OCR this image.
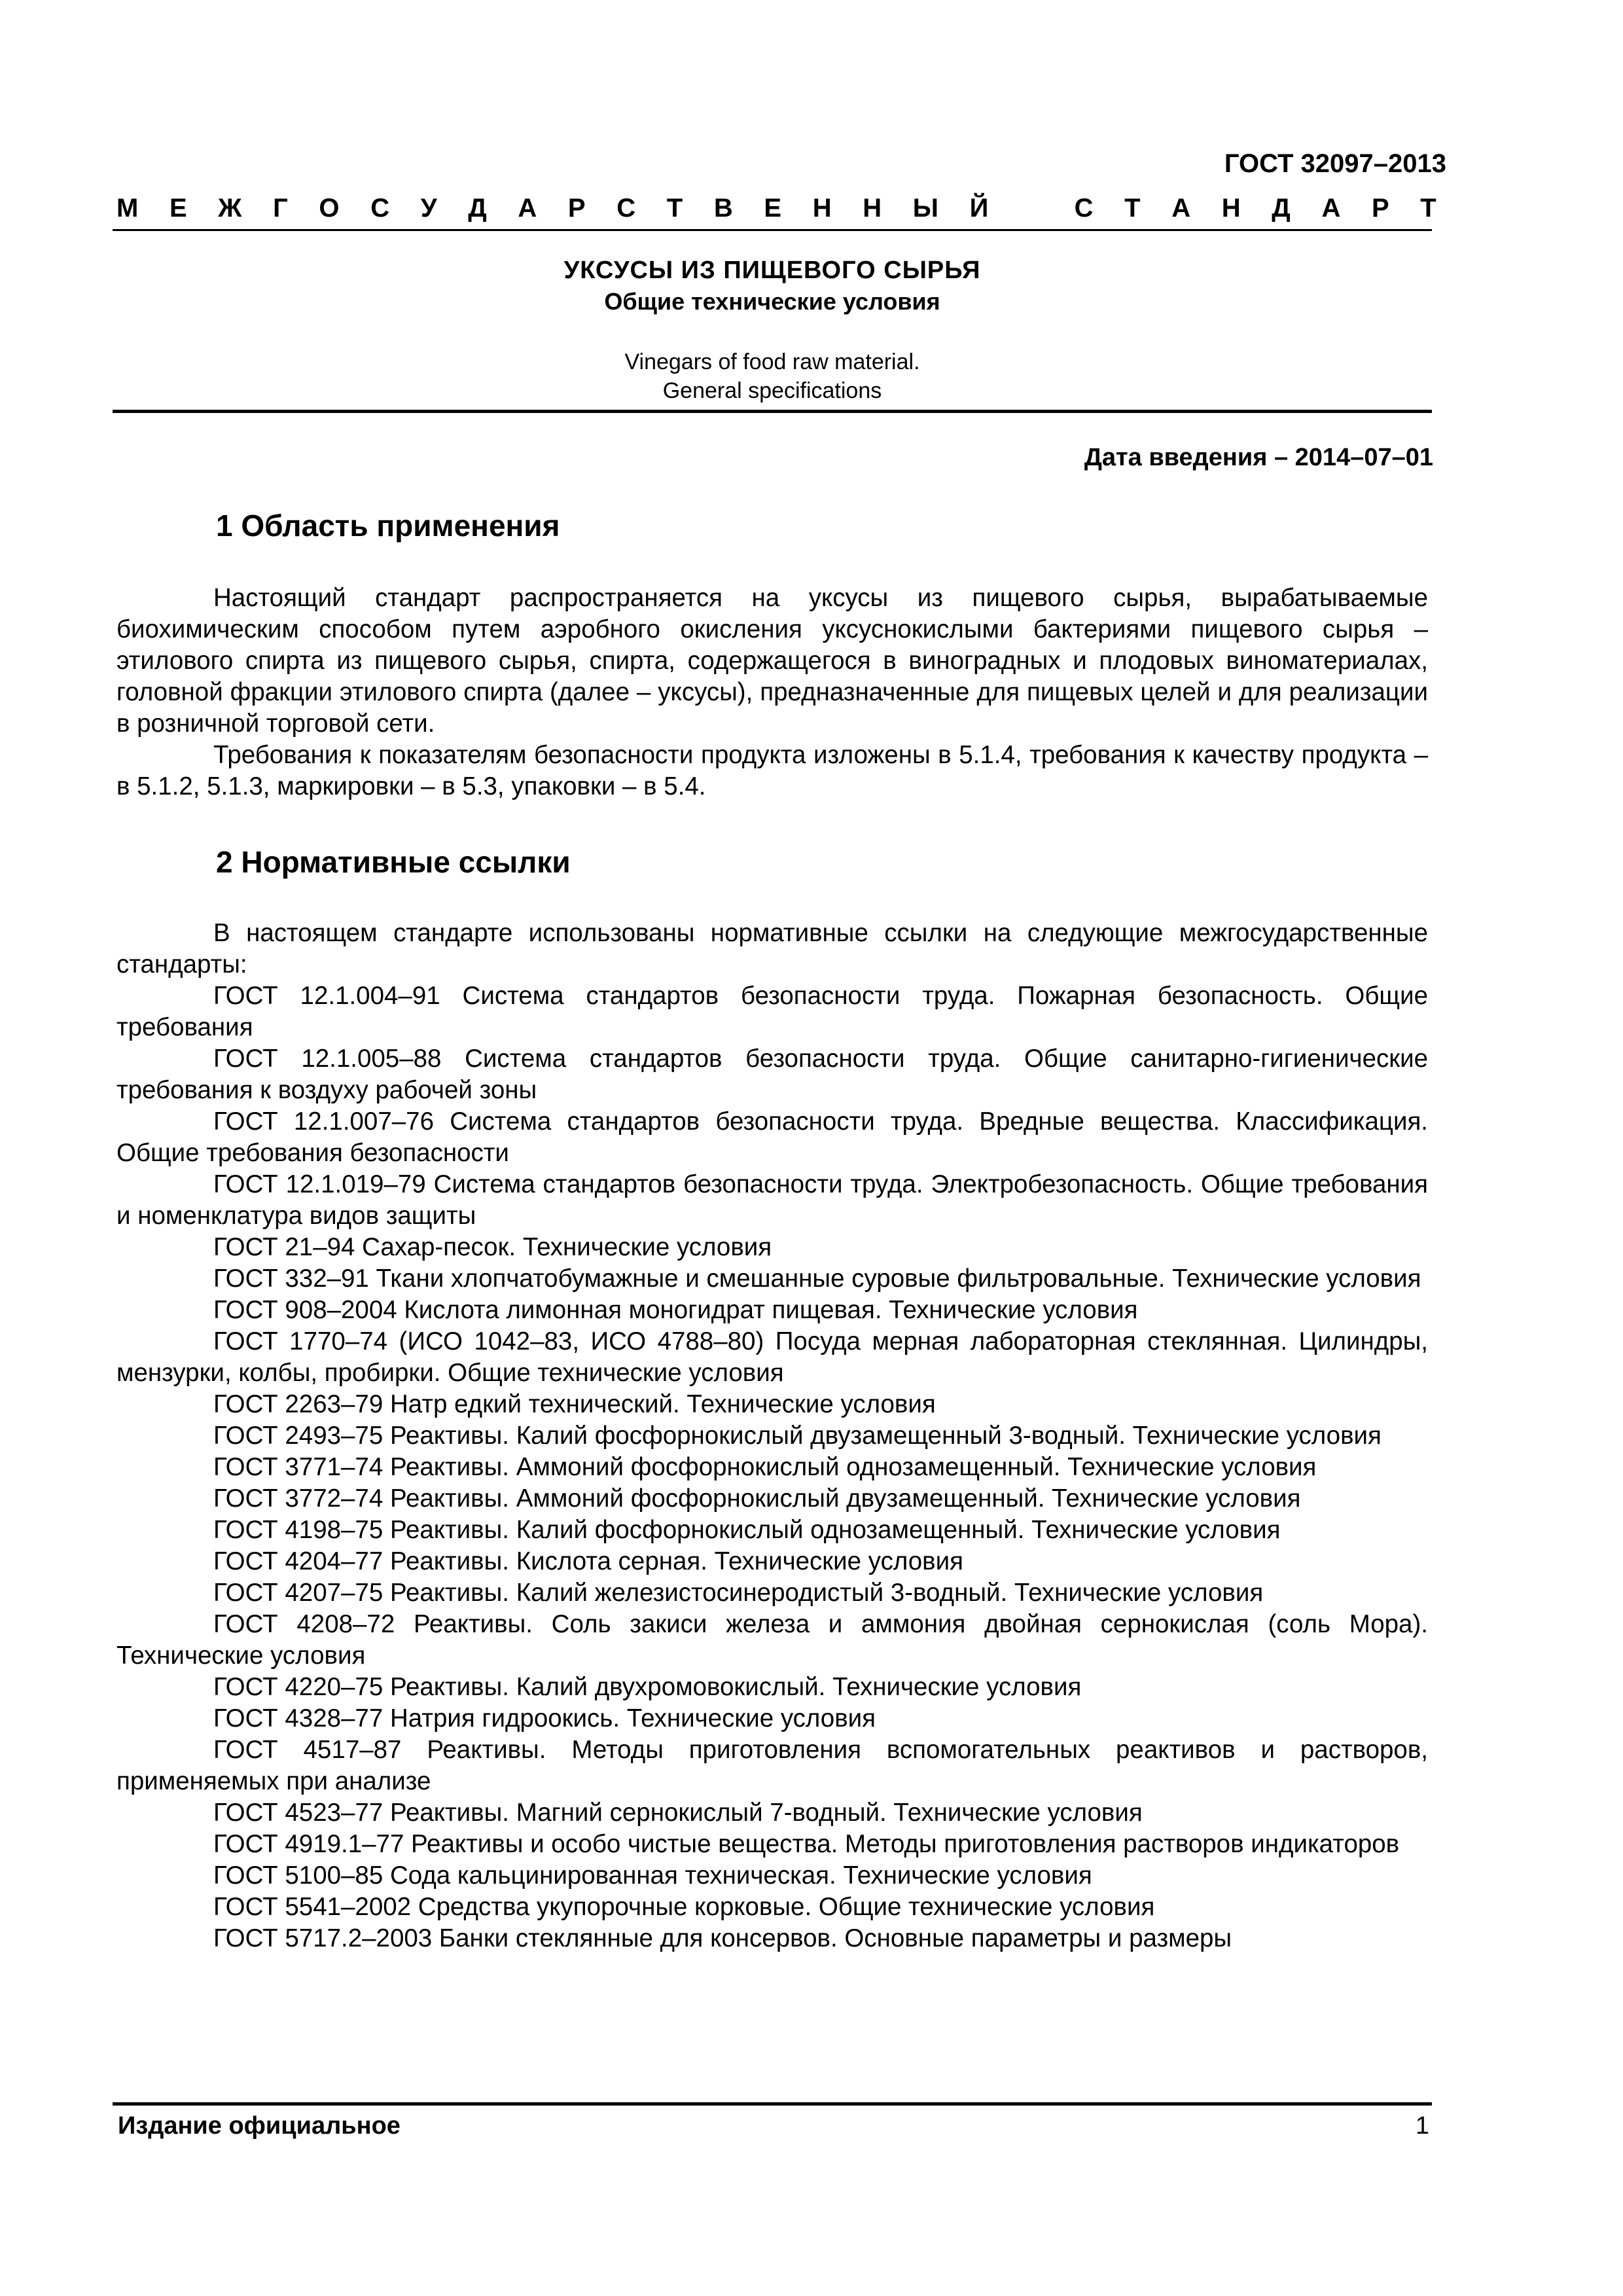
ГОСТ 32097–2013
М Е Ж Г О С У Д А Р С Т В Е Н Н Ы Й	С Т А Н Д А Р Т
УКСУСЫ ИЗ ПИЩЕВОГО СЫРЬЯ
Общие технические условия
Vinegars of food raw material.
General specifications
Дата введения – 2014–07–01
1 Область применения

Настоящий стандарт распространяется на уксусы из пищевого сырья, вырабатываемые биохимическим способом путем аэробного окисления уксуснокислыми бактериями пищевого сырья – этилового спирта из пищевого сырья, спирта, содержащегося в виноградных и плодовых виноматериалах, головной фракции этилового спирта (далее – уксусы), предназначенные для пищевых целей и для реализации в розничной торговой сети.

Требования к показателям безопасности продукта изложены в 5.1.4, требования к качеству продукта – в 5.1.2, 5.1.3, маркировки – в 5.3, упаковки – в 5.4.

2 Нормативные ссылки

В настоящем стандарте использованы нормативные ссылки на следующие межгосударственные стандарты:

ГОСТ 12.1.004–91 Система стандартов безопасности труда. Пожарная безопасность. Общие требования

ГОСТ 12.1.005–88 Система стандартов безопасности труда. Общие санитарно-гигиенические требования к воздуху рабочей зоны

ГОСТ 12.1.007–76 Система стандартов безопасности труда. Вредные вещества. Классификация. Общие требования безопасности

ГОСТ 12.1.019–79 Система стандартов безопасности труда. Электробезопасность. Общие требования и номенклатура видов защиты

ГОСТ 21–94 Сахар-песок. Технические условия

ГОСТ 332–91 Ткани хлопчатобумажные и смешанные суровые фильтровальные. Технические условия

ГОСТ 908–2004 Кислота лимонная моногидрат пищевая. Технические условия

ГОСТ 1770–74 (ИСО 1042–83, ИСО 4788–80) Посуда мерная лабораторная стеклянная. Цилиндры, мензурки, колбы, пробирки. Общие технические условия

ГОСТ 2263–79 Натр едкий технический. Технические условия

ГОСТ 2493–75 Реактивы. Калий фосфорнокислый двузамещенный 3-водный. Технические условия

ГОСТ 3771–74 Реактивы. Аммоний фосфорнокислый однозамещенный. Технические условия

ГОСТ 3772–74 Реактивы. Аммоний фосфорнокислый двузамещенный. Технические условия

ГОСТ 4198–75 Реактивы. Калий фосфорнокислый однозамещенный. Технические условия

ГОСТ 4204–77 Реактивы. Кислота серная. Технические условия

ГОСТ 4207–75 Реактивы. Калий железистосинеродистый 3-водный. Технические условия

ГОСТ 4208–72 Реактивы. Соль закиси железа и аммония двойная сернокислая (соль Мора). Технические условия

ГОСТ 4220–75 Реактивы. Калий двухромовокислый. Технические условия

ГОСТ 4328–77 Натрия гидроокись. Технические условия

ГОСТ 4517–87 Реактивы. Методы приготовления вспомогательных реактивов и растворов, применяемых при анализе

ГОСТ 4523–77 Реактивы. Магний сернокислый 7-водный. Технические условия

ГОСТ 4919.1–77 Реактивы и особо чистые вещества. Методы приготовления растворов индикаторов

ГОСТ 5100–85 Сода кальцинированная техническая. Технические условия

ГОСТ 5541–2002 Средства укупорочные корковые. Общие технические условия

ГОСТ 5717.2–2003 Банки стеклянные для консервов. Основные параметры и размеры

Издание официальное	1
